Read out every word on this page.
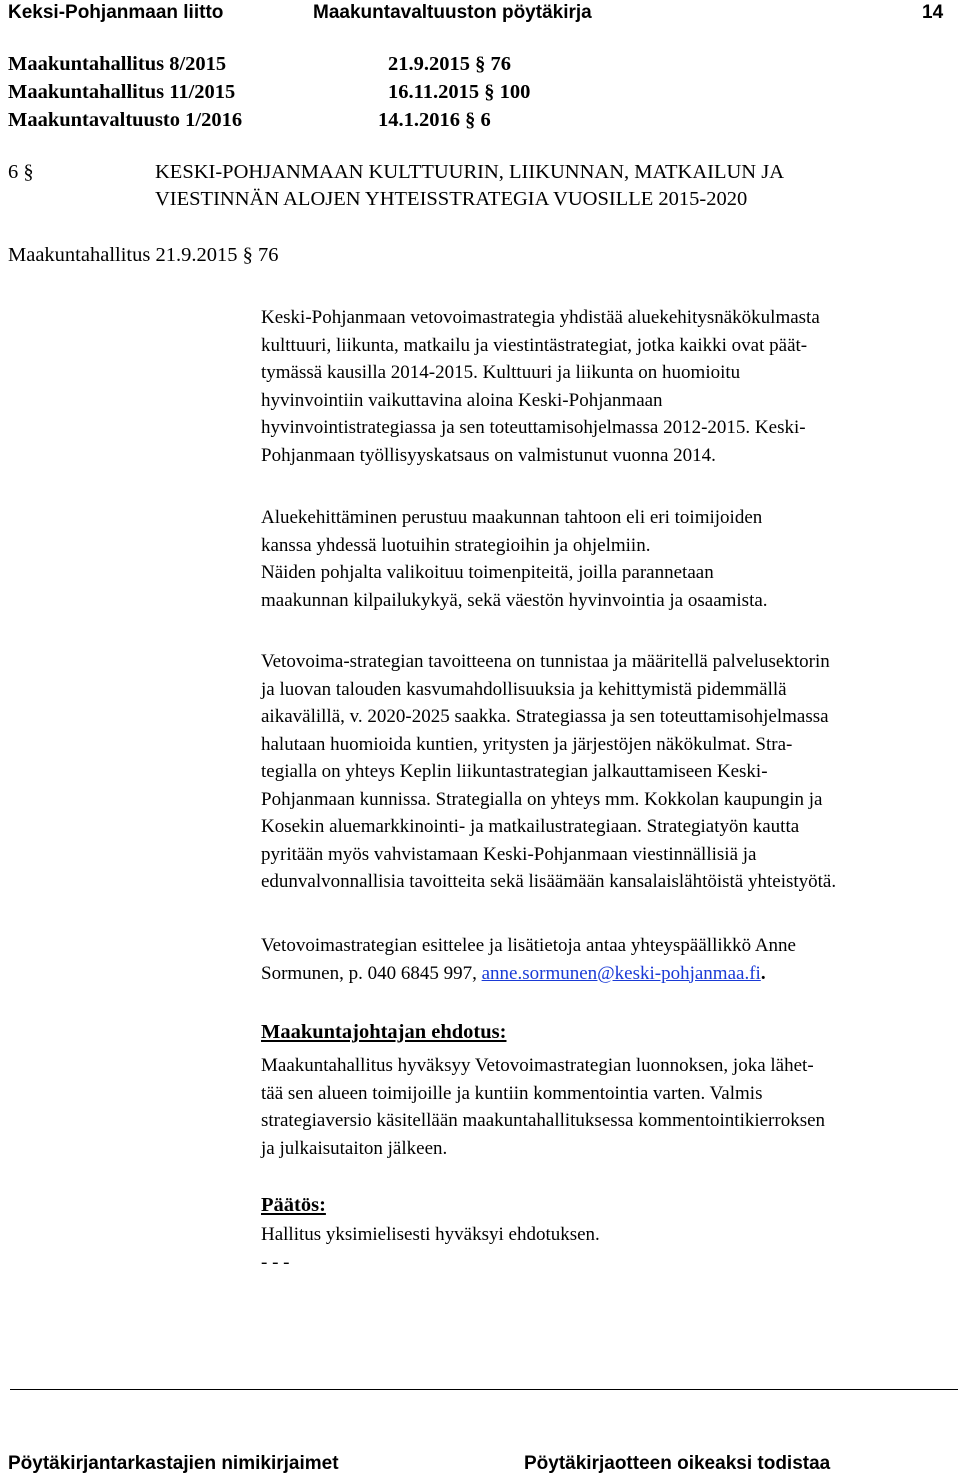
Keksi-Pohjanmaan liitto	Maakuntavaltuuston pöytäkirja	14
Maakuntahallitus 8/2015	21.9.2015 § 76
Maakuntahallitus 11/2015	16.11.2015 § 100
Maakuntavaltuusto 1/2016	14.1.2016 § 6
6 §	KESKI-POHJANMAAN KULTTUURIN, LIIKUNNAN, MATKAILUN JA
VIESTINNÄN ALOJEN YHTEISSTRATEGIA VUOSILLE 2015-2020
Maakuntahallitus 21.9.2015 § 76
Keski-Pohjanmaan vetovoimastrategia yhdistää aluekehitysnäkökulmasta
kulttuuri, liikunta, matkailu ja viestintästrategiat, jotka kaikki ovat päät-
tymässä kausilla 2014-2015. Kulttuuri ja liikunta on huomioitu
hyvinvointiin vaikuttavina aloina Keski-Pohjanmaan
hyvinvointistrategiassa ja sen toteuttamisohjelmassa 2012-2015. Keski-
Pohjanmaan työllisyyskatsaus on valmistunut vuonna 2014.
Aluekehittäminen perustuu maakunnan tahtoon eli eri toimijoiden
kanssa yhdessä luotuihin strategioihin ja ohjelmiin.
Näiden pohjalta valikoituu toimenpiteitä, joilla parannetaan
maakunnan kilpailukykyä, sekä väestön hyvinvointia ja osaamista.
Vetovoima-strategian tavoitteena on tunnistaa ja määritellä palvelusektorin
ja luovan talouden kasvumahdollisuuksia ja kehittymistä pidemmällä
aikavälillä, v. 2020-2025 saakka. Strategiassa ja sen toteuttamisohjelmassa
halutaan huomioida kuntien, yritysten ja järjestöjen näkökulmat. Stra-
tegialla on yhteys Keplin liikuntastrategian jalkauttamiseen Keski-
Pohjanmaan kunnissa. Strategialla on yhteys mm. Kokkolan kaupungin ja
Kosekin aluemarkkinointi- ja matkailustrategiaan. Strategiatyön kautta
pyritään myös vahvistamaan Keski-Pohjanmaan viestinnällisiä ja
edunvalvonnallisia tavoitteita sekä lisäämään kansalaislähtöistä yhteistyötä.
Vetovoimastrategian esittelee ja lisätietoja antaa yhteyspäällikkö Anne
Sormunen, p. 040 6845 997, anne.sormunen@keski-pohjanmaa.fi.
Maakuntajohtajan ehdotus:
Maakuntahallitus hyväksyy Vetovoimastrategian luonnoksen, joka lähet-
tää sen alueen toimijoille ja kuntiin kommentointia varten. Valmis
strategiaversio käsitellään maakuntahallituksessa kommentointikierroksen
ja julkaisutaiton jälkeen.
Päätös:
Hallitus yksimielisesti hyväksyi ehdotuksen.
- - -
Pöytäkirjantarkastajien nimikirjaimet	Pöytäkirjaotteen oikeaksi todistaa
